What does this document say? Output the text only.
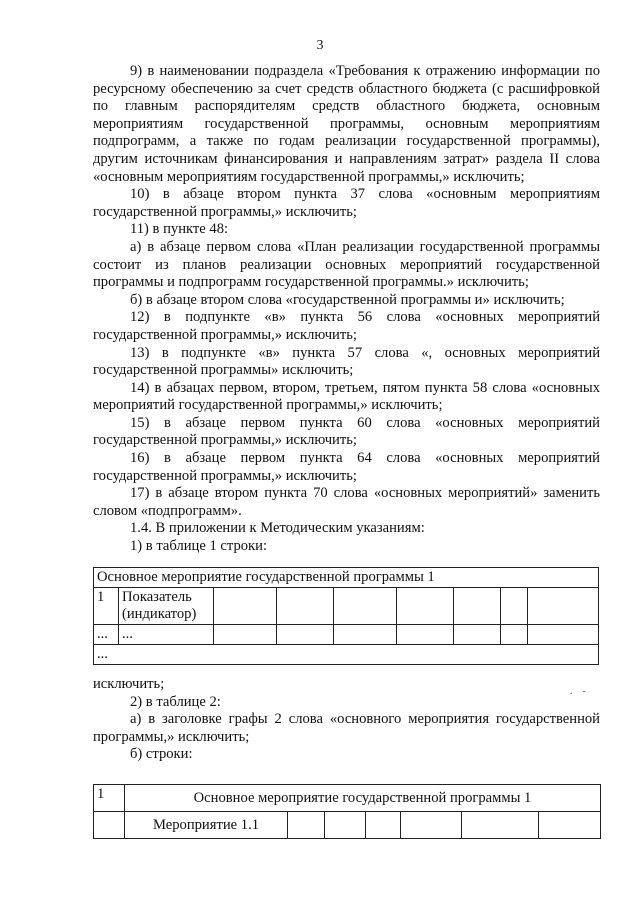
3

9) в наименовании подраздела «Требования к отражению информации по ресурсному обеспечению за счет средств областного бюджета (с расшифровкой по главным распорядителям средств областного бюджета, основным мероприятиям государственной программы, основным мероприятиям подпрограмм, а также по годам реализации государственной программы), другим источникам финансирования и направлениям затрат» раздела II слова «основным мероприятиям государственной программы,» исключить;

10) в абзаце втором пункта 37 слова «основным мероприятиям государственной программы,» исключить;

11) в пункте 48:

а) в абзаце первом слова «План реализации государственной программы состоит из планов реализации основных мероприятий государственной программы и подпрограмм государственной программы.» исключить;

б) в абзаце втором слова «государственной программы и» исключить;

12) в подпункте «в» пункта 56 слова «основных мероприятий государственной программы,» исключить;

13) в подпункте «в» пункта 57 слова «, основных мероприятий государственной программы» исключить;

14) в абзацах первом, втором, третьем, пятом пункта 58 слова «основных мероприятий государственной программы,» исключить;

15) в абзаце первом пункта 60 слова «основных мероприятий государственной программы,» исключить;

16) в абзаце первом пункта 64 слова «основных мероприятий государственной программы,» исключить;

17) в абзаце втором пункта 70 слова «основных мероприятий» заменить словом «подпрограмм».

1.4. В приложении к Методическим указаниям:

1) в таблице 1 строки:

Основное мероприятие государственной программы 1								
1	Показатель (индикатор)							
...	...							
...								

исключить;

2) в таблице 2:

а) в заголовке графы 2 слова «основного мероприятия государственной программы,» исключить;

б) строки:

.    -
1	Основное мероприятие государственной программы 1						
	Мероприятие 1.1						
